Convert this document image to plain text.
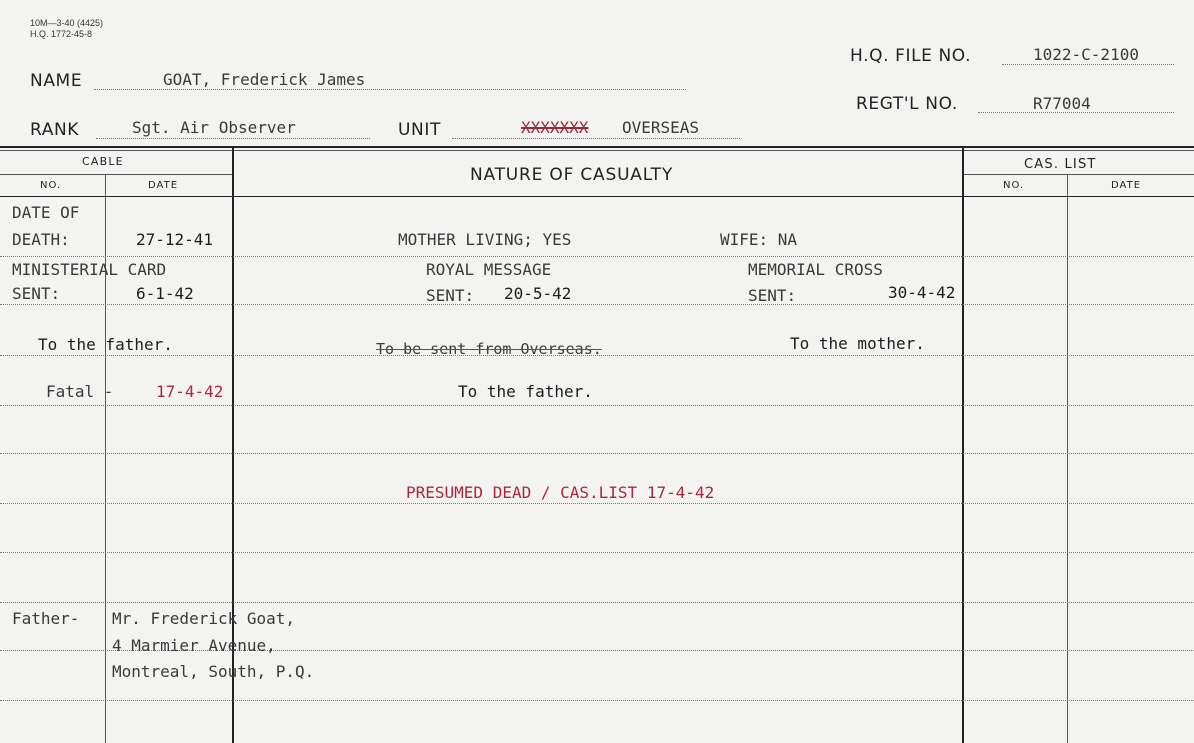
10M—3-40 (4425)
H.Q. 1772-45-8
NAME	GOAT, Frederick James
RANK	Sgt. Air Observer	UNIT	XXXXXXX OVERSEAS
H.Q. FILE NO.	1022-C-2100
REGT'L NO.	R77004
CABLE
NO.	DATE
NATURE OF CASUALTY
CAS. LIST
NO.	DATE
DATE OF
DEATH:	27-12-41	MOTHER LIVING; YES	WIFE: NA
MINISTERIAL CARD
SENT:	6-1-42
ROYAL MESSAGE
SENT: 20-5-42
MEMORIAL CROSS
SENT:	30-4-42
To the father.	To be sent from Overseas.	To the mother.
Fatal -	17-4-42	To the father.
PRESUMED DEAD / CAS.LIST 17-4-42
Father- Mr. Frederick Goat,
4 Marmier Avenue,
Montreal, South, P.Q.
